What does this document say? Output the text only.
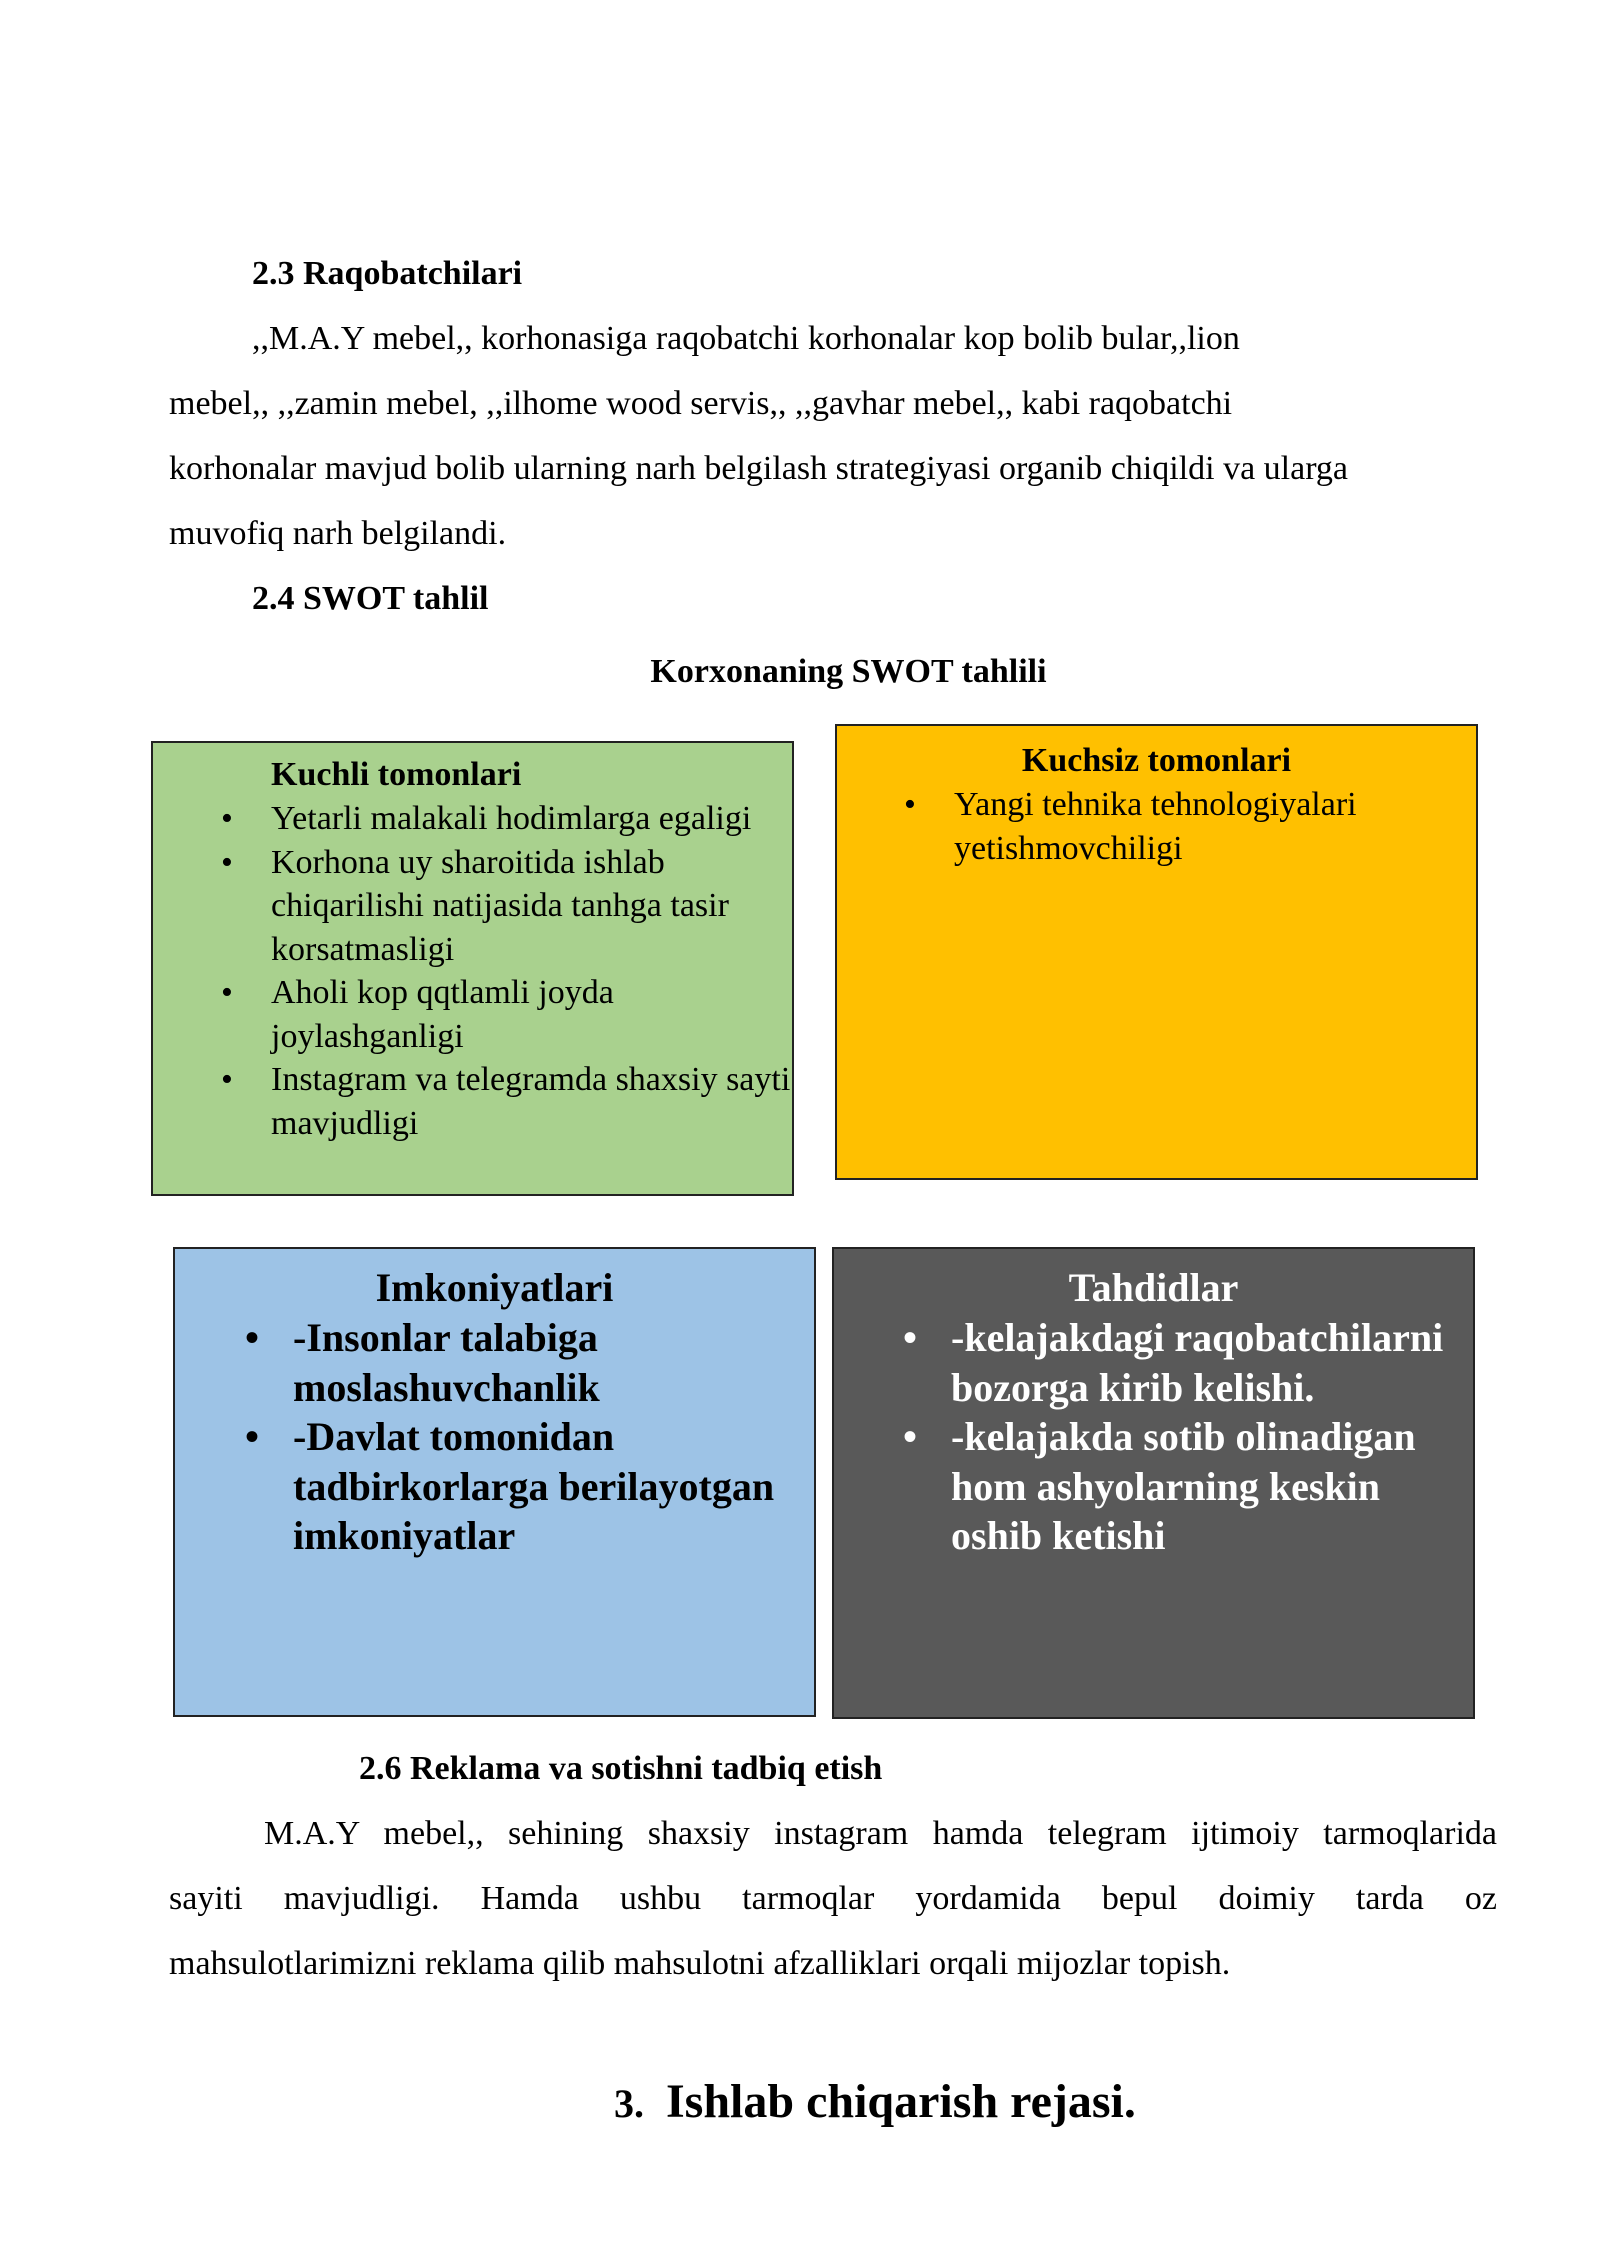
2.3 Raqobatchilari
,,M.A.Y mebel,, korhonasiga raqobatchi korhonalar kop bolib bular,,lion
mebel,, ,,zamin mebel, ,,ilhome wood servis,, ,,gavhar mebel,, kabi raqobatchi
korhonalar mavjud bolib ularning narh belgilash strategiyasi organib chiqildi va ularga
muvofiq narh belgilandi.
2.4 SWOT tahlil
Korxonaning SWOT tahlili
Kuchli tomonlari
• Yetarli malakali hodimlarga egaligi
• Korhona uy sharoitida ishlab chiqarilishi natijasida tanhga tasir korsatmasligi
• Aholi kop qqtlamli joyda joylashganligi
• Instagram va telegramda shaxsiy sayti mavjudligi
Kuchsiz tomonlari
• Yangi tehnika tehnologiyalari yetishmovchiligi
Imkoniyatlari
• -Insonlar talabiga moslashuvchanlik
• -Davlat tomonidan tadbirkorlarga berilayotgan imkoniyatlar
Tahdidlar
• -kelajakdagi raqobatchilarni bozorga kirib kelishi.
• -kelajakda sotib olinadigan hom ashyolarning keskin oshib ketishi
2.6 Reklama va sotishni tadbiq etish
M.A.Y mebel,, sehining shaxsiy instagram hamda telegram ijtimoiy tarmoqlarida
sayiti mavjudligi. Hamda ushbu tarmoqlar yordamida bepul doimiy tarda oz
mahsulotlarimizni reklama qilib mahsulotni afzalliklari orqali mijozlar topish.
3. Ishlab chiqarish rejasi.
